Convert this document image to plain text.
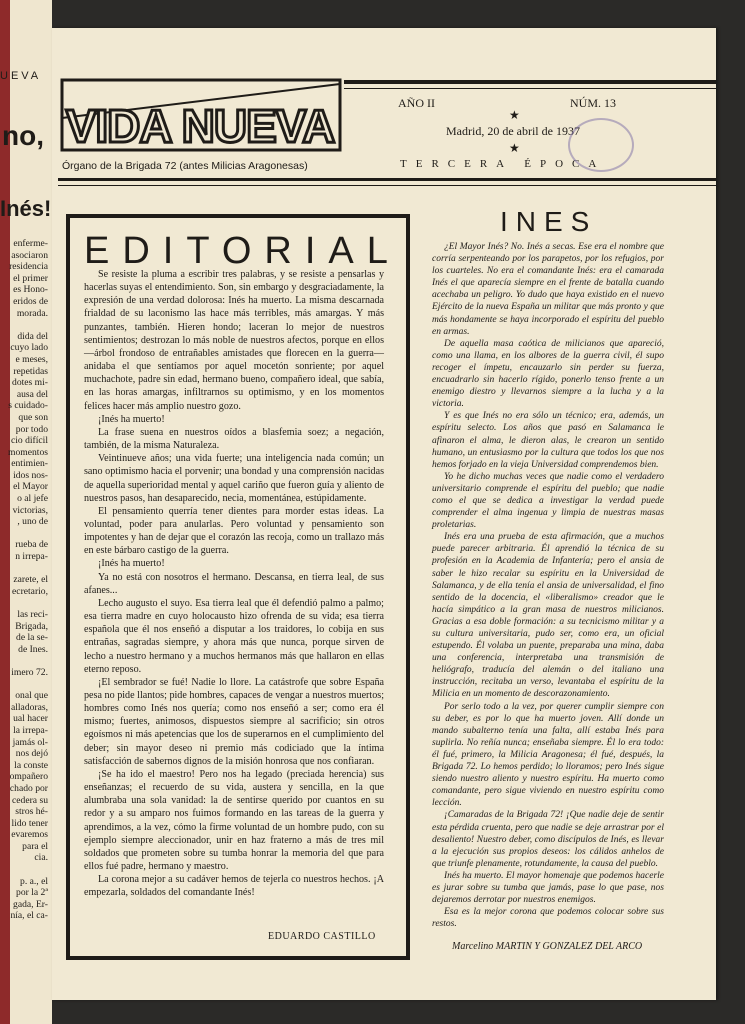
UEVA
no,
Inés!
enferme-
asociaron
residencia
el primer
es Hono-
eridos de
morada.

dida del
cuyo lado
e meses,
repetidas
dotes mi-
ausa del
s cuidado-
que son
por todo
cio difícil
momentos
entimien-
idos nos-
el Mayor
o al jefe
victorias,
, uno de

rueba de
n irrepa-

zarete, el
ecretario,

las reci-
Brigada,
de la se-
de Ines.

imero 72.

onal que
alladoras,
ual hacer
la irrepa-
jamás ol-
nos dejó
la conste
ompañero
chado por
cedera su
stros hé-
lido tener
evaremos
para el
cia.

p. a., el
por la 2ª
gada, Er-
nía, el ca-
VIDA NUEVA
Órgano de la Brigada 72 (antes Milicias Aragonesas)
AÑO II	NÚM. 13
★
Madrid, 20 de abril de 1937
★
TERCERA ÉPOCA
EDITORIAL

Se resiste la pluma a escribir tres palabras, y se resiste a pensarlas y hacerlas suyas el entendimiento. Son, sin embargo y desgraciadamente, la expresión de una verdad dolorosa: Inés ha muerto. La misma descarnada frialdad de su laconismo las hace más terribles, más amargas. Y más punzantes, también. Hieren hondo; laceran lo mejor de nuestros sentimientos; destrozan lo más noble de nuestros afectos, porque en ellos—árbol frondoso de entrañables amistades que florecen en la guerra—anidaba el que sentíamos por aquel mocetón sonriente; por aquel muchachote, padre sin edad, hermano bueno, compañero ideal, que sabía, en las horas amargas, infiltrarnos su optimismo, y en los momentos felices hacer más amplio nuestro gozo.

¡Inés ha muerto!

La frase suena en nuestros oídos a blasfemia soez; a negación, también, de la misma Naturaleza.

Veintinueve años; una vida fuerte; una inteligencia nada común; un sano optimismo hacia el porvenir; una bondad y una comprensión nacidas de aquella superioridad mental y aquel cariño que fueron guía y aliento de nuestros pasos, han desaparecido, necia, momentánea, estúpidamente.

El pensamiento querría tener dientes para morder estas ideas. La voluntad, poder para anularlas. Pero voluntad y pensamiento son impotentes y han de dejar que el corazón las recoja, como un trallazo más en este bárbaro castigo de la guerra.

¡Inés ha muerto!

Ya no está con nosotros el hermano. Descansa, en tierra leal, de sus afanes...

Lecho augusto el suyo. Esa tierra leal que él defendió palmo a palmo; esa tierra madre en cuyo holocausto hizo ofrenda de su vida; esa tierra española que él nos enseñó a disputar a los traidores, lo cobija en sus entrañas, sagradas siempre, y ahora más que nunca, porque sirven de lecho a nuestro hermano y a muchos hermanos más que hallaron en ellas eterno reposo.

¡El sembrador se fué! Nadie lo llore. La catástrofe que sobre España pesa no pide llantos; pide hombres, capaces de vengar a nuestros muertos; hombres como Inés nos quería; como nos enseñó a ser; como era él mismo; fuertes, animosos, dispuestos siempre al sacrificio; sin otros egoísmos ni más apetencias que los de superarnos en el cumplimiento del deber; sin mayor deseo ni premio más codiciado que la íntima satisfacción de sabernos dignos de la misión honrosa que nos confiaran.

¡Se ha ido el maestro! Pero nos ha legado (preciada herencia) sus enseñanzas; el recuerdo de su vida, austera y sencilla, en la que alumbraba una sola vanidad: la de sentirse querido por cuantos en su redor y a su amparo nos fuimos formando en las tareas de la guerra y aprendimos, a la vez, cómo la firme voluntad de un hombre pudo, con su ejemplo siempre aleccionador, unir en haz fraterno a más de tres mil soldados que prometen sobre su tumba honrar la memoria del que para ellos fué padre, hermano y maestro.

La corona mejor a su cadáver hemos de tejerla co nuestros hechos. ¡A empezarla, soldados del comandante Inés!

EDUARDO CASTILLO
INES

¿El Mayor Inés? No. Inés a secas. Ese era el nombre que corría serpenteando por los parapetos, por los refugios, por los cuarteles. No era el comandante Inés: era el camarada Inés el que aparecía siempre en el frente de batalla cuando acechaba un peligro. Yo dudo que haya existido en el nuevo Ejército de la nueva España un militar que más pronto y que más hondamente se haya incorporado el espíritu del pueblo en armas.

De aquella masa caótica de milicianos que apareció, como una llama, en los albores de la guerra civil, él supo recoger el ímpetu, encauzarlo sin perder su fuerza, encuadrarlo sin hacerlo rígido, ponerlo tenso frente a un enemigo diestro y llevarnos siempre a la lucha y a la victoria.

Y es que Inés no era sólo un técnico; era, además, un espíritu selecto. Los años que pasó en Salamanca le afinaron el alma, le dieron alas, le crearon un sentido humano, un entusiasmo por la cultura que todos los que nos hemos forjado en la vieja Universidad comprendemos bien.

Yo he dicho muchas veces que nadie como el verdadero universitario comprende el espíritu del pueblo; que nadie como el que se dedica a investigar la verdad puede comprender el alma ingenua y limpia de nuestras masas proletarias.

Inés era una prueba de esta afirmación, que a muchos puede parecer arbitraria. Él aprendió la técnica de su profesión en la Academia de Infantería; pero el ansia de saber le hizo recalar su espíritu en la Universidad de Salamanca, y de ella tenía el ansia de universalidad, el fino sentido de la docencia, el «liberalismo» creador que le hacía simpático a la gran masa de nuestros milicianos. Gracias a esa doble formación: a su tecnicismo militar y a su cultura universitaria, pudo ser, como era, un oficial estupendo. Él volaba un puente, preparaba una mina, daba una conferencia, interpretaba una transmisión de heliógrafo, traducía del alemán o del italiano una instrucción, recitaba un verso, levantaba el espíritu de la Milicia en un momento de descorazonamiento.

Por serlo todo a la vez, por querer cumplir siempre con su deber, es por lo que ha muerto joven. Allí donde un mando subalterno tenía una falta, allí estaba Inés para suplirla. No reñía nunca; enseñaba siempre. Él lo era todo: él fué, primero, la Milicia Aragonesa; él fué, después, la Brigada 72. Lo hemos perdido; lo lloramos; pero Inés sigue siendo nuestro aliento y nuestro espíritu. Ha muerto como comandante, pero sigue viviendo en nuestro espíritu como lección.

¡Camaradas de la Brigada 72! ¡Que nadie deje de sentir esta pérdida cruenta, pero que nadie se deje arrastrar por el desaliento! Nuestro deber, como discípulos de Inés, es llevar a la ejecución sus propios deseos: los cálidos anhelos de que triunfe plenamente, rotundamente, la causa del pueblo.

Inés ha muerto. El mayor homenaje que podemos hacerle es jurar sobre su tumba que jamás, pase lo que pase, nos dejaremos derrotar por nuestros enemigos.

Esa es la mejor corona que podemos colocar sobre sus restos.

Marcelino MARTIN Y GONZALEZ DEL ARCO
